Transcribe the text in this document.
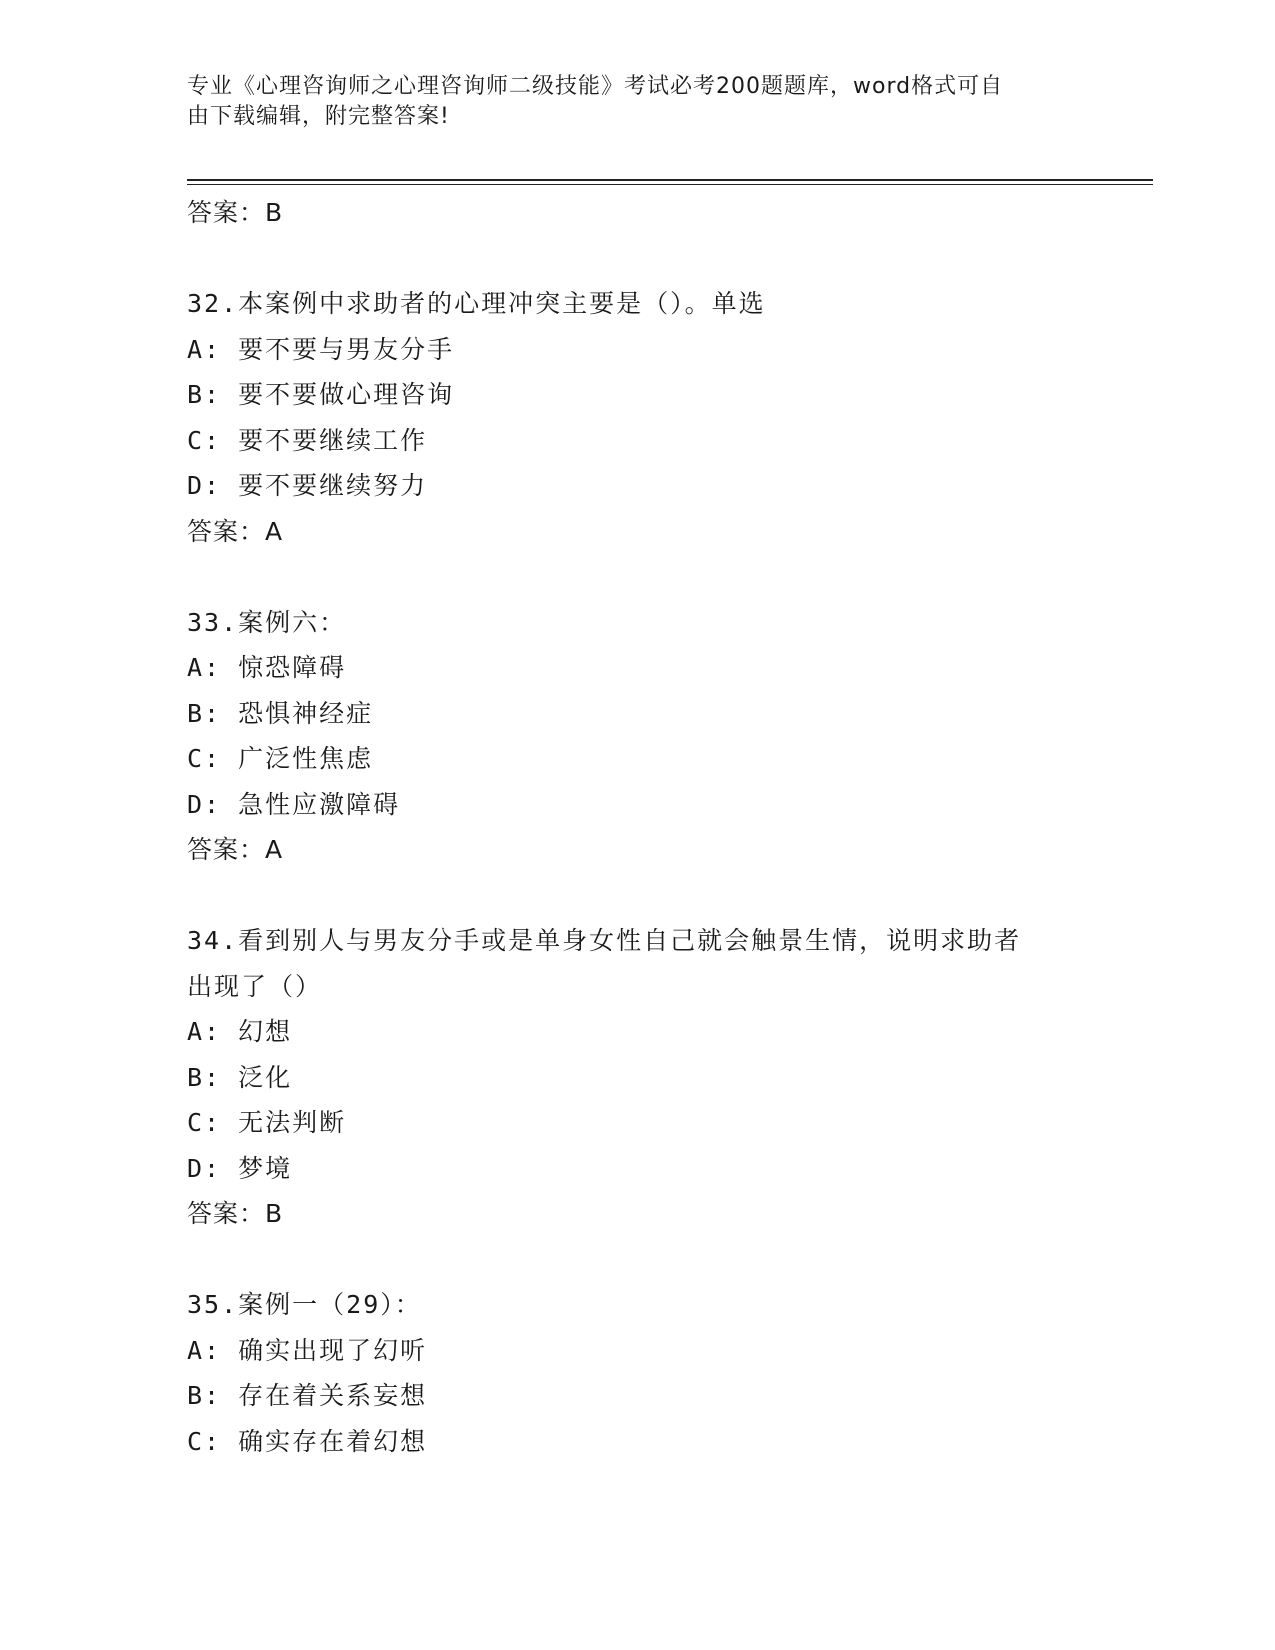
专业《心理咨询师之心理咨询师二级技能》考试必考200题题库，word格式可自
由下载编辑，附完整答案!
答案：B
32.本案例中求助者的心理冲突主要是（）。单选
A: 要不要与男友分手
B: 要不要做心理咨询
C: 要不要继续工作
D: 要不要继续努力
答案：A
33.案例六：
A: 惊恐障碍
B: 恐惧神经症
C: 广泛性焦虑
D: 急性应激障碍
答案：A
34.看到别人与男友分手或是单身女性自己就会触景生情，说明求助者
出现了（）
A: 幻想
B: 泛化
C: 无法判断
D: 梦境
答案：B
35.案例一（29）：
A: 确实出现了幻听
B: 存在着关系妄想
C: 确实存在着幻想
